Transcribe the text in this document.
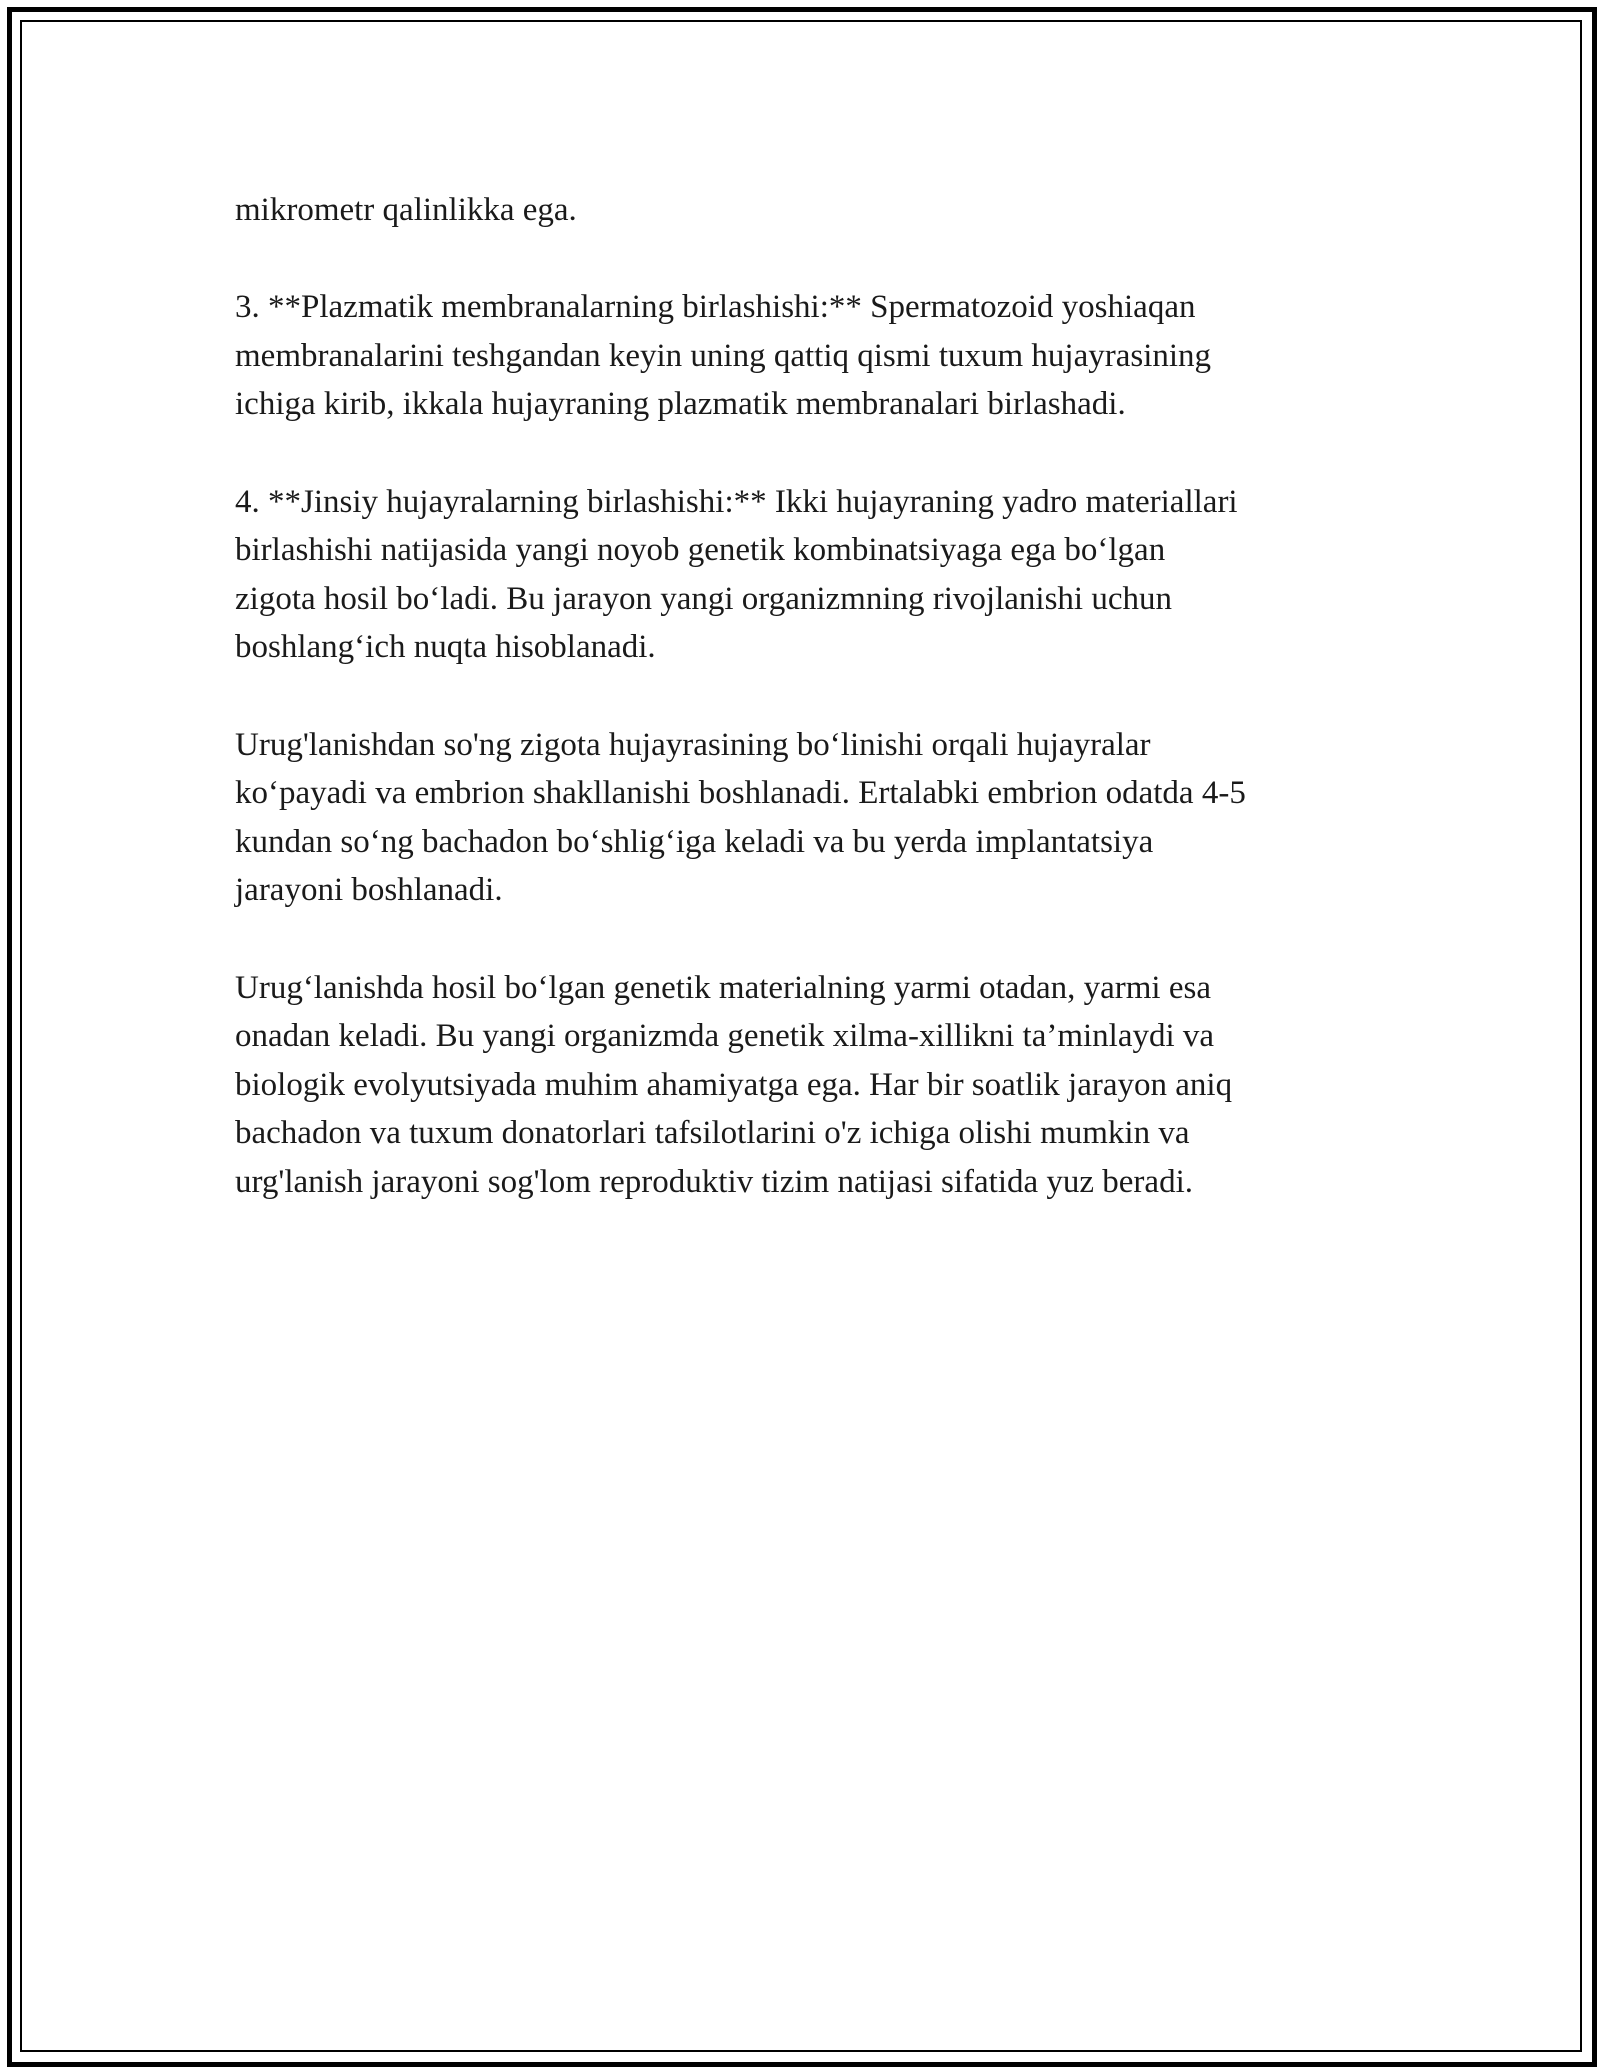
mikrometr qalinlikka ega.

3. **Plazmatik membranalarning birlashishi:** Spermatozoid yoshiaqan
membranalarini teshgandan keyin uning qattiq qismi tuxum hujayrasining
ichiga kirib, ikkala hujayraning plazmatik membranalari birlashadi.

4. **Jinsiy hujayralarning birlashishi:** Ikki hujayraning yadro materiallari
birlashishi natijasida yangi noyob genetik kombinatsiyaga ega bo‘lgan
zigota hosil bo‘ladi. Bu jarayon yangi organizmning rivojlanishi uchun
boshlang‘ich nuqta hisoblanadi.

Urug'lanishdan so'ng zigota hujayrasining bo‘linishi orqali hujayralar
ko‘payadi va embrion shakllanishi boshlanadi. Ertalabki embrion odatda 4-5
kundan so‘ng bachadon bo‘shlig‘iga keladi va bu yerda implantatsiya
jarayoni boshlanadi.

Urug‘lanishda hosil bo‘lgan genetik materialning yarmi otadan, yarmi esa
onadan keladi. Bu yangi organizmda genetik xilma-xillikni ta’minlaydi va
biologik evolyutsiyada muhim ahamiyatga ega. Har bir soatlik jarayon aniq
bachadon va tuxum donatorlari tafsilotlarini o'z ichiga olishi mumkin va
urg'lanish jarayoni sog'lom reproduktiv tizim natijasi sifatida yuz beradi.
